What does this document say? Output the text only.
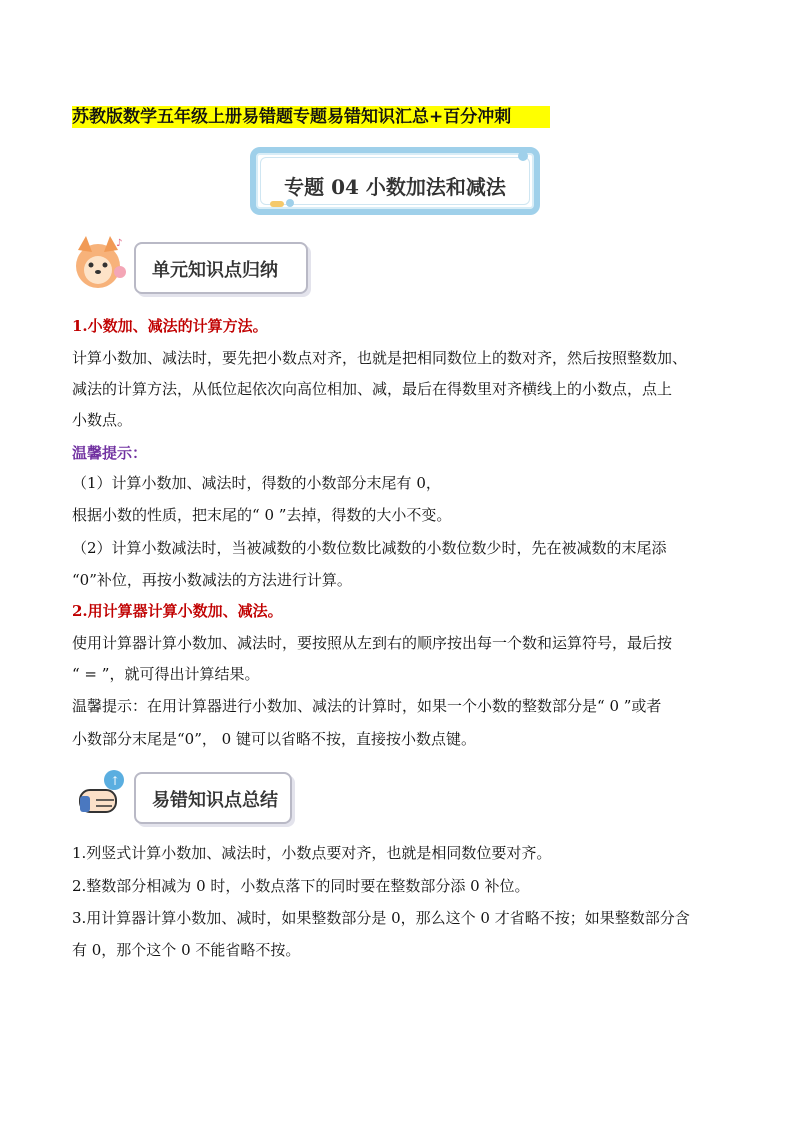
苏教版数学五年级上册易错题专题易错知识汇总+百分冲刺
专题 04 小数加法和减法
♪
单元知识点归纳
1.小数加、减法的计算方法。
计算小数加、减法时，要先把小数点对齐，也就是把相同数位上的数对齐，然后按照整数加、
减法的计算方法，从低位起依次向高位相加、减，最后在得数里对齐横线上的小数点，点上
小数点。
温馨提示：
（1）计算小数加、减法时，得数的小数部分末尾有 0，
根据小数的性质，把末尾的“ 0 ”去掉，得数的大小不变。
（2）计算小数减法时，当被减数的小数位数比减数的小数位数少时，先在被减数的末尾添
“0”补位，再按小数减法的方法进行计算。
2.用计算器计算小数加、减法。
使用计算器计算小数加、减法时，要按照从左到右的顺序按出每一个数和运算符号，最后按
“ = ”，就可得出计算结果。
温馨提示：在用计算器进行小数加、减法的计算时，如果一个小数的整数部分是“ 0 ”或者
小数部分末尾是“0”， 0 键可以省略不按，直接按小数点键。
↑
易错知识点总结
1.列竖式计算小数加、减法时，小数点要对齐，也就是相同数位要对齐。
2.整数部分相减为 0 时，小数点落下的同时要在整数部分添 0 补位。
3.用计算器计算小数加、减时，如果整数部分是 0，那么这个 0 才省略不按；如果整数部分含
有 0，那个这个 0 不能省略不按。
